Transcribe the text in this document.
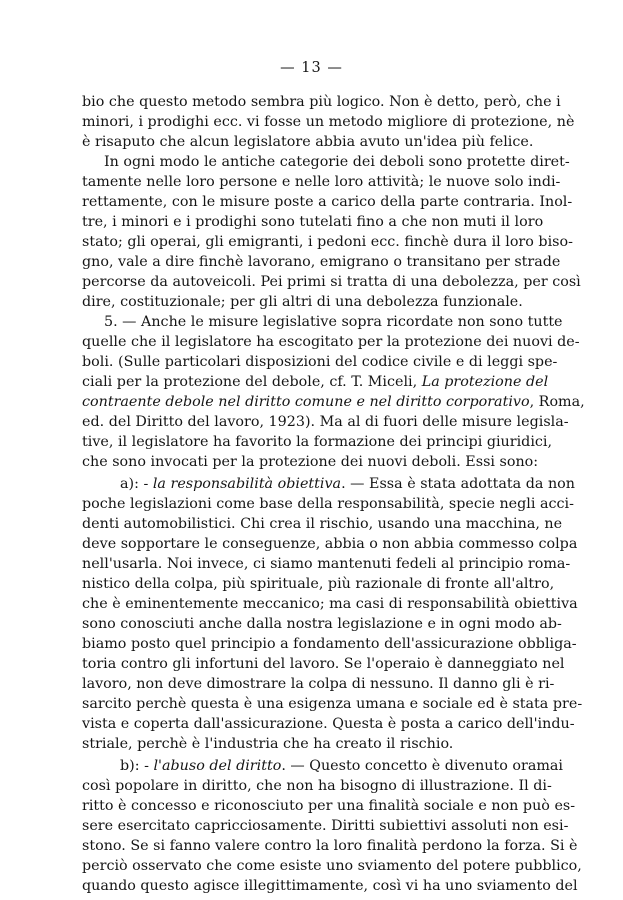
— 13 —
bio che questo metodo sembra più logico. Non è detto, però, che i
minori, i prodighi ecc. vi fosse un metodo migliore di protezione, nè
è risaputo che alcun legislatore abbia avuto un'idea più felice.
In ogni modo le antiche categorie dei deboli sono protette diret-
tamente nelle loro persone e nelle loro attività; le nuove solo indi-
rettamente, con le misure poste a carico della parte contraria. Inol-
tre, i minori e i prodighi sono tutelati fino a che non muti il loro
stato; gli operai, gli emigranti, i pedoni ecc. finchè dura il loro biso-
gno, vale a dire finchè lavorano, emigrano o transitano per strade
percorse da autoveicoli. Pei primi si tratta di una debolezza, per così
dire, costituzionale; per gli altri di una debolezza funzionale.
5. — Anche le misure legislative sopra ricordate non sono tutte
quelle che il legislatore ha escogitato per la protezione dei nuovi de-
boli. (Sulle particolari disposizioni del codice civile e di leggi spe-
ciali per la protezione del debole, cf. T. Miceli, La protezione del
contraente debole nel diritto comune e nel diritto corporativo, Roma,
ed. del Diritto del lavoro, 1923). Ma al di fuori delle misure legisla-
tive, il legislatore ha favorito la formazione dei principi giuridici,
che sono invocati per la protezione dei nuovi deboli. Essi sono:
a): - la responsabilità obiettiva. — Essa è stata adottata da non
poche legislazioni come base della responsabilità, specie negli acci-
denti automobilistici. Chi crea il rischio, usando una macchina, ne
deve sopportare le conseguenze, abbia o non abbia commesso colpa
nell'usarla. Noi invece, ci siamo mantenuti fedeli al principio roma-
nistico della colpa, più spirituale, più razionale di fronte all'altro,
che è eminentemente meccanico; ma casi di responsabilità obiettiva
sono conosciuti anche dalla nostra legislazione e in ogni modo ab-
biamo posto quel principio a fondamento dell'assicurazione obbliga-
toria contro gli infortuni del lavoro. Se l'operaio è danneggiato nel
lavoro, non deve dimostrare la colpa di nessuno. Il danno gli è ri-
sarcito perchè questa è una esigenza umana e sociale ed è stata pre-
vista e coperta dall'assicurazione. Questa è posta a carico dell'indu-
striale, perchè è l'industria che ha creato il rischio.
b): - l'abuso del diritto. — Questo concetto è divenuto oramai
così popolare in diritto, che non ha bisogno di illustrazione. Il di-
ritto è concesso e riconosciuto per una finalità sociale e non può es-
sere esercitato capricciosamente. Diritti subiettivi assoluti non esi-
stono. Se si fanno valere contro la loro finalità perdono la forza. Si è
perciò osservato che come esiste uno sviamento del potere pubblico,
quando questo agisce illegittimamente, così vi ha uno sviamento del
